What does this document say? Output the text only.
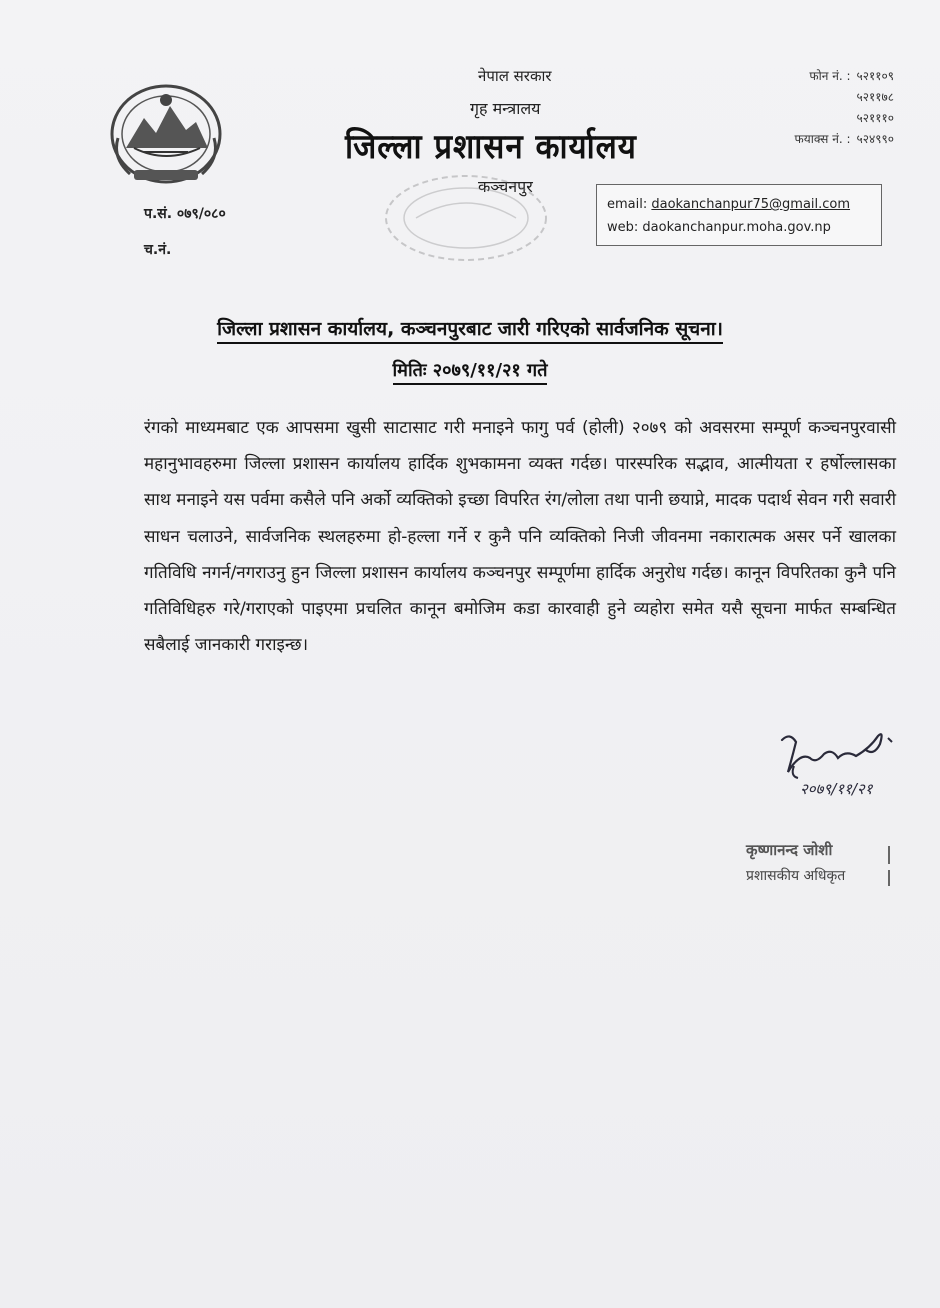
नेपाल सरकार
गृह मन्त्रालय
जिल्ला प्रशासन कार्यालय
कञ्चनपुर
फोन नं. : ५२११०९
५२११७८
५२१११०
फयाक्स नं. : ५२४९९०
email: daokanchanpur75@gmail.com
web: daokanchanpur.moha.gov.np
प.सं. ०७९/०८०
च.नं.
जिल्ला प्रशासन कार्यालय, कञ्चनपुरबाट जारी गरिएको सार्वजनिक सूचना।
मितिः २०७९/११/२१ गते
रंगको माध्यमबाट एक आपसमा खुसी साटासाट गरी मनाइने फागु पर्व (होली) २०७९ को अवसरमा सम्पूर्ण कञ्चनपुरवासी महानुभावहरुमा जिल्ला प्रशासन कार्यालय हार्दिक शुभकामना व्यक्त गर्दछ। पारस्परिक सद्भाव, आत्मीयता र हर्षोल्लासका साथ मनाइने यस पर्वमा कसैले पनि अर्को व्यक्तिको इच्छा विपरित रंग/लोला तथा पानी छयाप्ने, मादक पदार्थ सेवन गरी सवारी साधन चलाउने, सार्वजनिक स्थलहरुमा हो-हल्ला गर्ने र कुनै पनि व्यक्तिको निजी जीवनमा नकारात्मक असर पर्ने खालका गतिविधि नगर्न/नगराउनु हुन जिल्ला प्रशासन कार्यालय कञ्चनपुर सम्पूर्णमा हार्दिक अनुरोध गर्दछ। कानून विपरितका कुनै पनि गतिविधिहरु गरे/गराएको पाइएमा प्रचलित कानून बमोजिम कडा कारवाही हुने व्यहोरा समेत यसै सूचना मार्फत सम्बन्धित सबैलाई जानकारी गराइन्छ।
२०७९/११/२१
कृष्णानन्द जोशी
प्रशासकीय अधिकृत
